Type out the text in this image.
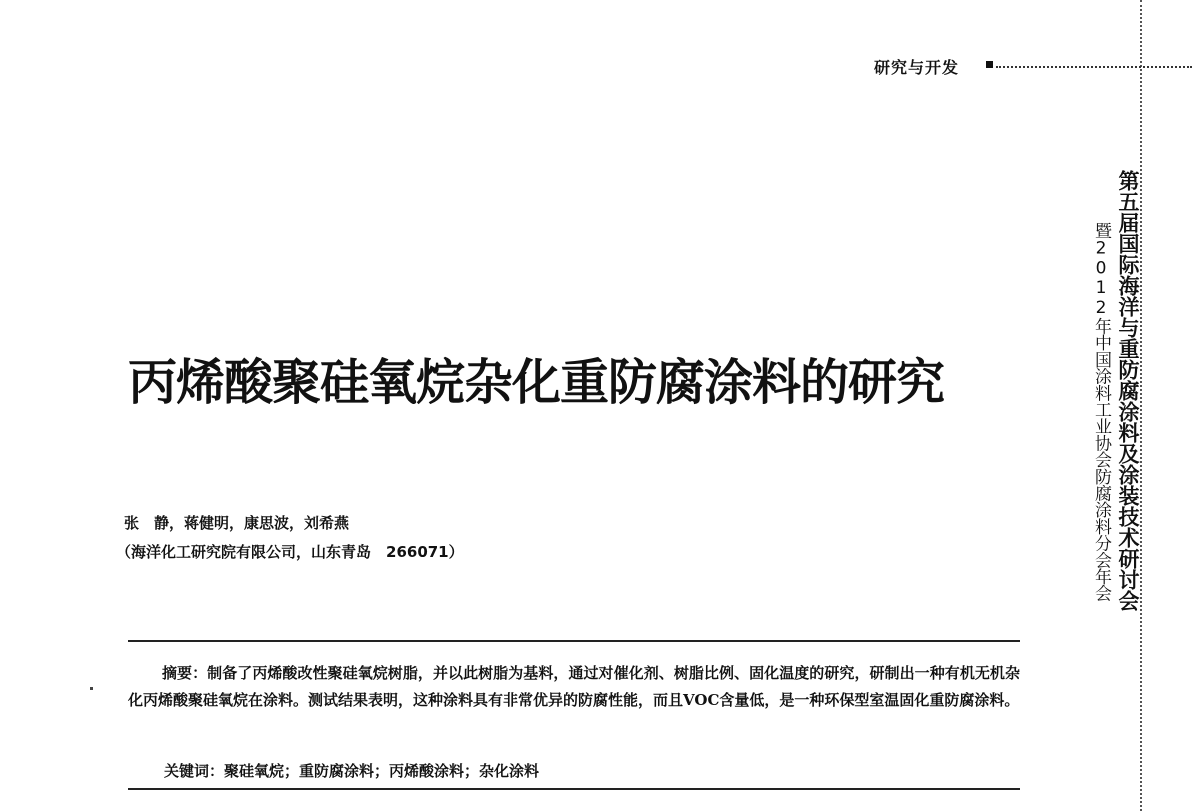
研究与开发
第五届国际海洋与重防腐涂料及涂装技术研讨会
暨2012年中国涂料工业协会防腐涂料分会年会
丙烯酸聚硅氧烷杂化重防腐涂料的研究
张　静，蒋健明，康思波，刘希燕
（海洋化工研究院有限公司，山东青岛　266071）
摘要：制备了丙烯酸改性聚硅氧烷树脂，并以此树脂为基料，通过对催化剂、树脂比例、固化温度的研究，研制出一种有机无机杂化丙烯酸聚硅氧烷在涂料。测试结果表明，这种涂料具有非常优异的防腐性能，而且VOC含量低，是一种环保型室温固化重防腐涂料。
关键词：聚硅氧烷；重防腐涂料；丙烯酸涂料；杂化涂料
